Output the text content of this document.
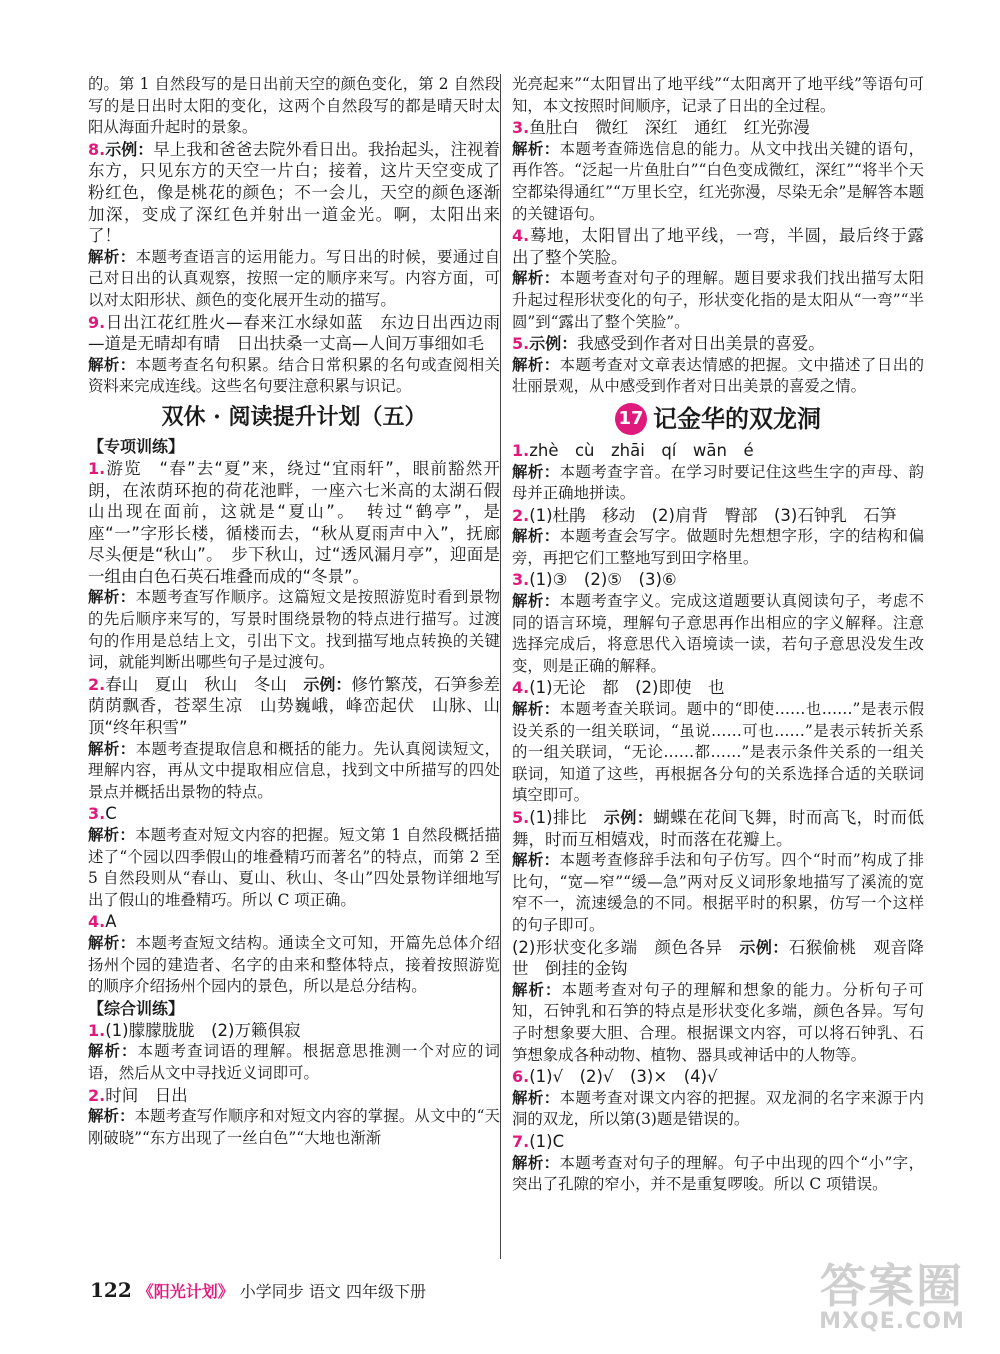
的。第 1 自然段写的是日出前天空的颜色变化，第 2 自然段写的是日出时太阳的变化，这两个自然段写的都是晴天时太阳从海面升起时的景象。

8.示例：早上我和爸爸去院外看日出。我抬起头，注视着东方，只见东方的天空一片白；接着，这片天空变成了粉红色，像是桃花的颜色；不一会儿，天空的颜色逐渐加深，变成了深红色并射出一道金光。啊，太阳出来了！

解析：本题考查语言的运用能力。写日出的时候，要通过自己对日出的认真观察，按照一定的顺序来写。内容方面，可以对太阳形状、颜色的变化展开生动的描写。

9.日出江花红胜火—春来江水绿如蓝　东边日出西边雨—道是无晴却有晴　日出扶桑一丈高—人间万事细如毛

解析：本题考查名句积累。结合日常积累的名句或查阅相关资料来完成连线。这些名句要注意积累与识记。

双休 · 阅读提升计划（五）
【专项训练】

1.游览　“春”去“夏”来，绕过“宜雨轩”，眼前豁然开朗，在浓荫环抱的荷花池畔，一座六七米高的太湖石假山出现在面前，这就是“夏山”。　转过“鹤亭”，是座“一”字形长楼，循楼而去，“秋从夏雨声中入”，抚廊尽头便是“秋山”。　步下秋山，过“透风漏月亭”，迎面是一组由白色石英石堆叠而成的“冬景”。

解析：本题考查写作顺序。这篇短文是按照游览时看到景物的先后顺序来写的，写景时围绕景物的特点进行描写。过渡句的作用是总结上文，引出下文。找到描写地点转换的关键词，就能判断出哪些句子是过渡句。

2.春山　夏山　秋山　冬山　示例：修竹繁茂，石笋参差　荫荫飘香，苍翠生凉　山势巍峨，峰峦起伏　山脉、山顶“终年积雪”

解析：本题考查提取信息和概括的能力。先认真阅读短文，理解内容，再从文中提取相应信息，找到文中所描写的四处景点并概括出景物的特点。

3.C

解析：本题考查对短文内容的把握。短文第 1 自然段概括描述了“个园以四季假山的堆叠精巧而著名”的特点，而第 2 至 5 自然段则从“春山、夏山、秋山、冬山”四处景物详细地写出了假山的堆叠精巧。所以 C 项正确。

4.A

解析：本题考查短文结构。通读全文可知，开篇先总体介绍扬州个园的建造者、名字的由来和整体特点，接着按照游览的顺序介绍扬州个园内的景色，所以是总分结构。

【综合训练】

1.(1)朦朦胧胧　(2)万籁俱寂

解析：本题考查词语的理解。根据意思推测一个对应的词语，然后从文中寻找近义词即可。

2.时间　日出

解析：本题考查写作顺序和对短文内容的掌握。从文中的“天刚破晓”“东方出现了一丝白色”“大地也渐渐

光亮起来”“太阳冒出了地平线”“太阳离开了地平线”等语句可知，本文按照时间顺序，记录了日出的全过程。

3.鱼肚白　微红　深红　通红　红光弥漫

解析：本题考查筛选信息的能力。从文中找出关键的语句，再作答。“泛起一片鱼肚白”“白色变成微红，深红”“将半个天空都染得通红”“万里长空，红光弥漫，尽染无余”是解答本题的关键语句。

4.蓦地，太阳冒出了地平线，一弯，半圆，最后终于露出了整个笑脸。

解析：本题考查对句子的理解。题目要求我们找出描写太阳升起过程形状变化的句子，形状变化指的是太阳从“一弯”“半圆”到“露出了整个笑脸”。

5.示例：我感受到作者对日出美景的喜爱。

解析：本题考查对文章表达情感的把握。文中描述了日出的壮丽景观，从中感受到作者对日出美景的喜爱之情。

17 记金华的双龙洞

1.zhè　cù　zhāi　qí　wān　é

解析：本题考查字音。在学习时要记住这些生字的声母、韵母并正确地拼读。

2.(1)杜鹃　移动　(2)肩背　臀部　(3)石钟乳　石笋

解析：本题考查会写字。做题时先想想字形，字的结构和偏旁，再把它们工整地写到田字格里。

3.(1)③　(2)⑤　(3)⑥

解析：本题考查字义。完成这道题要认真阅读句子，考虑不同的语言环境，理解句子意思再作出相应的字义解释。注意选择完成后，将意思代入语境读一读，若句子意思没发生改变，则是正确的解释。

4.(1)无论　都　(2)即使　也

解析：本题考查关联词。题中的“即使……也……”是表示假设关系的一组关联词，“虽说……可也……”是表示转折关系的一组关联词，“无论……都……”是表示条件关系的一组关联词，知道了这些，再根据各分句的关系选择合适的关联词填空即可。

5.(1)排比　示例：蝴蝶在花间飞舞，时而高飞，时而低舞，时而互相嬉戏，时而落在花瓣上。

解析：本题考查修辞手法和句子仿写。四个“时而”构成了排比句，“宽—窄”“缓—急”两对反义词形象地描写了溪流的宽窄不一，流速缓急的不同。根据平时的积累，仿写一个这样的句子即可。

(2)形状变化多端　颜色各异　示例：石猴偷桃　观音降世　倒挂的金钩

解析：本题考查对句子的理解和想象的能力。分析句子可知，石钟乳和石笋的特点是形状变化多端，颜色各异。写句子时想象要大胆、合理。根据课文内容，可以将石钟乳、石笋想象成各种动物、植物、器具或神话中的人物等。

6.(1)√　(2)√　(3)×　(4)√

解析：本题考查对课文内容的把握。双龙洞的名字来源于内洞的双龙，所以第(3)题是错误的。

7.(1)C

解析：本题考查对句子的理解。句子中出现的四个“小”字，突出了孔隙的窄小，并不是重复啰唆。所以 C 项错误。

122 《阳光计划》 小学同步 语文 四年级下册	答案圈
MXQE.COM
